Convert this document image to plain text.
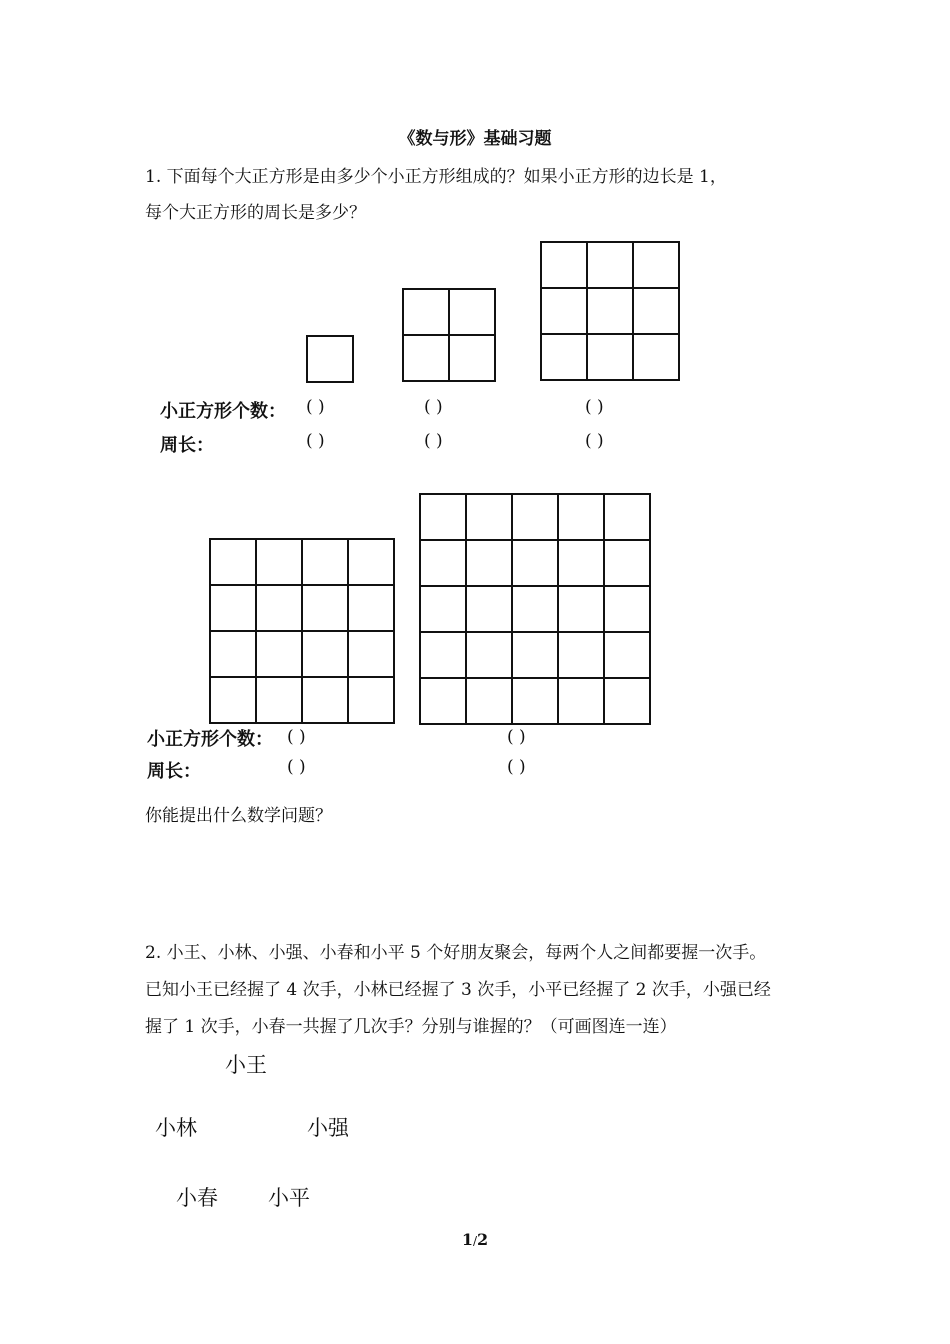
《数与形》基础习题
1. 下面每个大正方形是由多少个小正方形组成的？如果小正方形的边长是 1，
每个大正方形的周长是多少？

小正方形个数： ( )	( )	( )
周长：	( )	( )	( )

小正方形个数： ( )	( )
周长：	( )	( )
你能提出什么数学问题？
2. 小王、小林、小强、小春和小平 5 个好朋友聚会，每两个人之间都要握一次手。
已知小王已经握了 4 次手，小林已经握了 3 次手，小平已经握了 2 次手，小强已经
握了 1 次手，小春一共握了几次手？分别与谁握的？（可画图连一连）
小王
小林	小强
小春 小平
1/2
